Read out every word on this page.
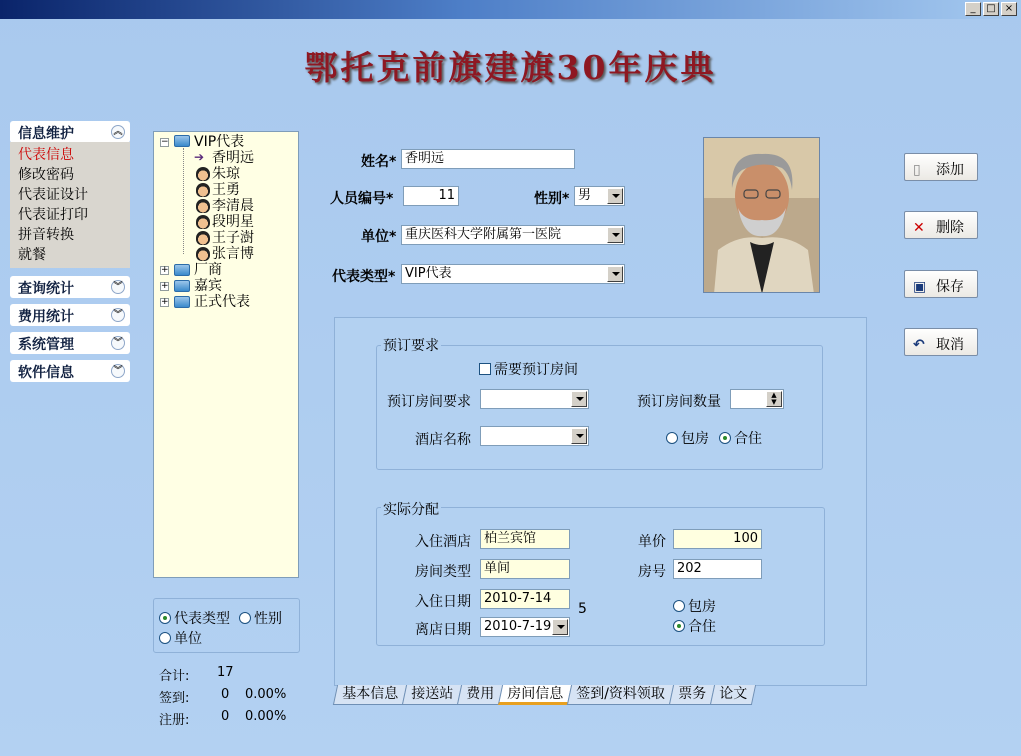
_	□ ×
鄂托克前旗建旗30年庆典
信息维护	︽
代表信息
修改密码
代表证设计
代表证打印
拼音转换
就餐
查询统计	︾
费用统计	︾
系统管理	︾
软件信息	︾
− VIP代表
➔ 香明远
朱琼
王勇
李清晨
段明星
王子澍
张言博
+ 厂商
+ 嘉宾
+ 正式代表
代表类型	性别
单位
合计: 17
签到: 0 0.00%
注册: 0 0.00%
姓名* 香明远
人员编号*	11	性别* 男
单位* 重庆医科大学附属第一医院
代表类型* VIP代表
▯ 添加
✕ 删除
▣ 保存
↶ 取消
预订要求
需要预订房间
预订房间要求	预订房间数量	▲
▼
酒店名称	包房	合住
实际分配
入住酒店	柏兰宾馆	单价	100
房间类型	单间	房号 202
入住日期	2010-7-14
5
离店日期	2010-7-19
包房
合住
基本信息 接送站 费用 房间信息 签到/资料领取 票务 论文
